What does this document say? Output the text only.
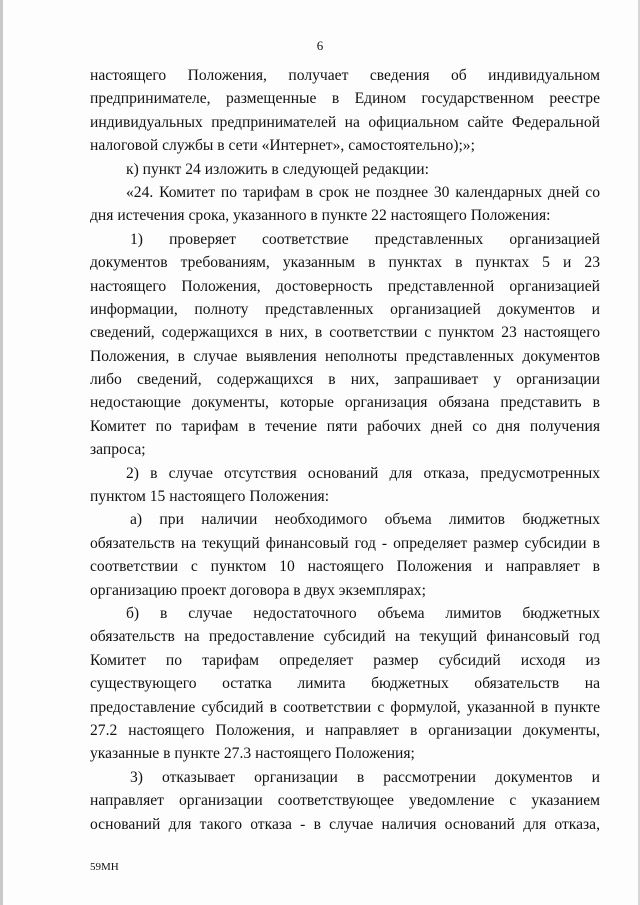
6
настоящего Положения, получает сведения об индивидуальном
предпринимателе, размещенные в Едином государственном реестре
индивидуальных предпринимателей на официальном сайте Федеральной
налоговой службы в сети «Интернет», самостоятельно);»;
к) пункт 24 изложить в следующей редакции:
«24. Комитет по тарифам в срок не позднее 30 календарных дней со
дня истечения срока, указанного в пункте 22 настоящего Положения:
1) проверяет соответствие представленных организацией
документов требованиям, указанным в пунктах в пунктах 5 и 23
настоящего Положения, достоверность представленной организацией
информации, полноту представленных организацией документов и
сведений, содержащихся в них, в соответствии с пунктом 23 настоящего
Положения, в случае выявления неполноты представленных документов
либо сведений, содержащихся в них, запрашивает у организации
недостающие документы, которые организация обязана представить в
Комитет по тарифам в течение пяти рабочих дней со дня получения
запроса;
2) в случае отсутствия оснований для отказа, предусмотренных
пунктом 15 настоящего Положения:
а) при наличии необходимого объема лимитов бюджетных
обязательств на текущий финансовый год - определяет размер субсидии в
соответствии с пунктом 10 настоящего Положения и направляет в
организацию проект договора в двух экземплярах;
б) в случае недостаточного объема лимитов бюджетных
обязательств на предоставление субсидий на текущий финансовый год
Комитет по тарифам определяет размер субсидий исходя из
существующего остатка лимита бюджетных обязательств на
предоставление субсидий в соответствии с формулой, указанной в пункте
27.2 настоящего Положения, и направляет в организации документы,
указанные в пункте 27.3 настоящего Положения;
3) отказывает организации в рассмотрении документов и
направляет организации соответствующее уведомление с указанием
оснований для такого отказа - в случае наличия оснований для отказа,
59МН
